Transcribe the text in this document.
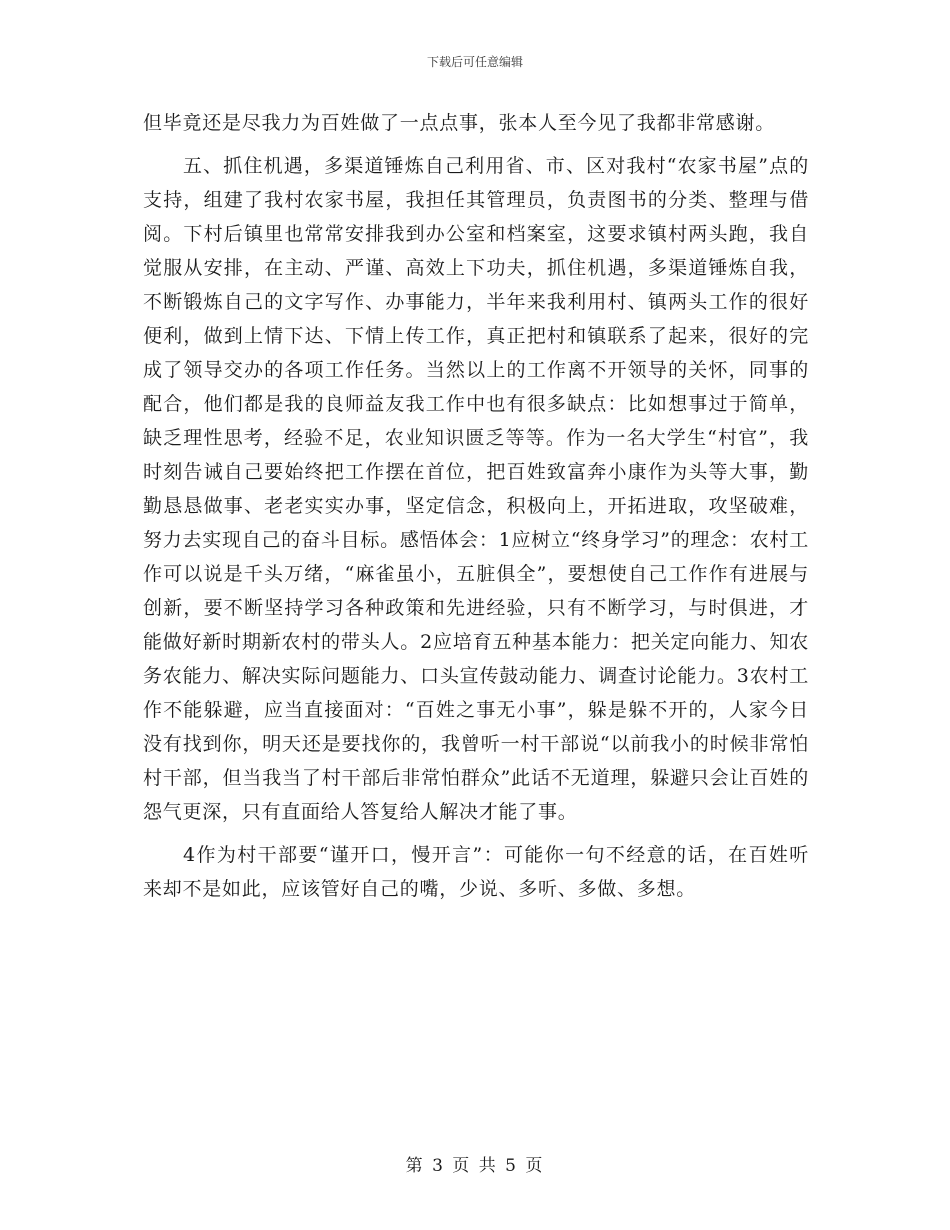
下载后可任意编辑

但毕竟还是尽我力为百姓做了一点点事，张本人至今见了我都非常感谢。

五、抓住机遇，多渠道锤炼自己利用省、市、区对我村“农家书屋”点的支持，组建了我村农家书屋，我担任其管理员，负责图书的分类、整理与借阅。下村后镇里也常常安排我到办公室和档案室，这要求镇村两头跑，我自觉服从安排，在主动、严谨、高效上下功夫，抓住机遇，多渠道锤炼自我，不断锻炼自己的文字写作、办事能力，半年来我利用村、镇两头工作的很好便利，做到上情下达、下情上传工作，真正把村和镇联系了起来，很好的完成了领导交办的各项工作任务。当然以上的工作离不开领导的关怀，同事的配合，他们都是我的良师益友我工作中也有很多缺点：比如想事过于简单，缺乏理性思考，经验不足，农业知识匮乏等等。作为一名大学生“村官”，我时刻告诫自己要始终把工作摆在首位，把百姓致富奔小康作为头等大事，勤勤恳恳做事、老老实实办事，坚定信念，积极向上，开拓进取，攻坚破难，努力去实现自己的奋斗目标。感悟体会：1应树立“终身学习”的理念：农村工作可以说是千头万绪，“麻雀虽小，五脏俱全”，要想使自己工作作有进展与创新，要不断坚持学习各种政策和先进经验，只有不断学习，与时俱进，才能做好新时期新农村的带头人。2应培育五种基本能力：把关定向能力、知农务农能力、解决实际问题能力、口头宣传鼓动能力、调查讨论能力。3农村工作不能躲避，应当直接面对：“百姓之事无小事”，躲是躲不开的，人家今日没有找到你，明天还是要找你的，我曾听一村干部说“以前我小的时候非常怕村干部，但当我当了村干部后非常怕群众”此话不无道理，躲避只会让百姓的怨气更深，只有直面给人答复给人解决才能了事。

4作为村干部要“谨开口，慢开言”：可能你一句不经意的话，在百姓听来却不是如此，应该管好自己的嘴，少说、多听、多做、多想。

第 3 页 共 5 页
